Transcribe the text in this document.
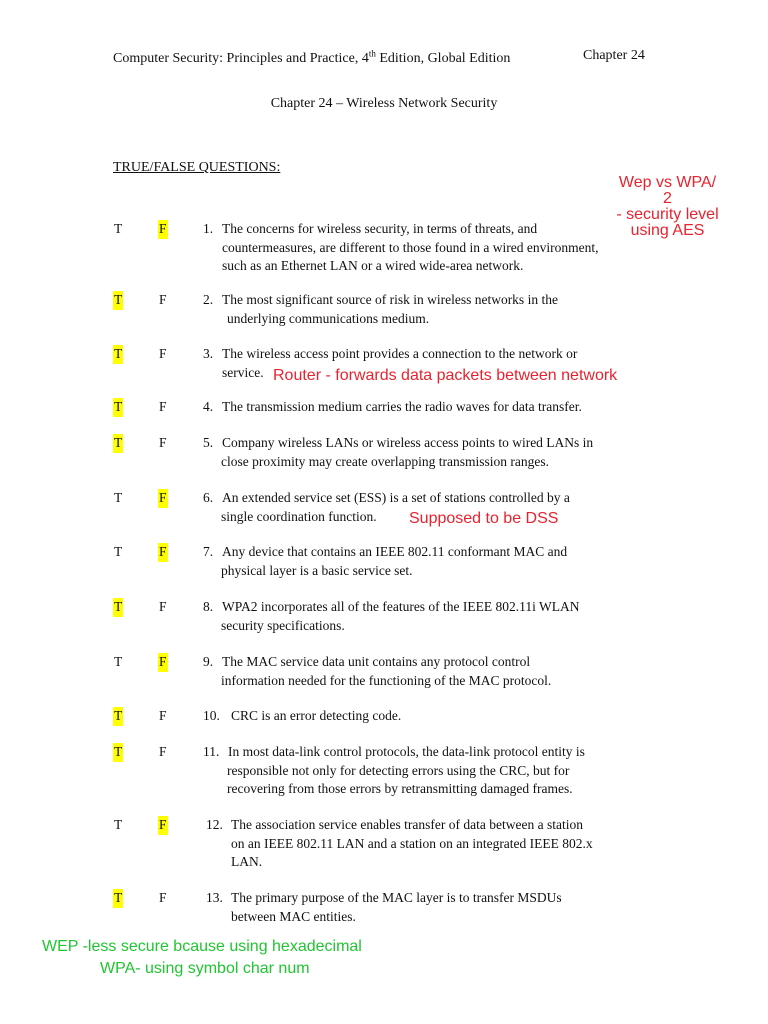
Computer Security: Principles and Practice, 4th Edition, Global Edition	Chapter 24
Chapter 24 – Wireless Network Security
TRUE/FALSE QUESTIONS:
T	F	1. The concerns for wireless security, in terms of threats, and
countermeasures, are different to those found in a wired environment,
such as an Ethernet LAN or a wired wide-area network.
T	F	2. The most significant source of risk in wireless networks in the
underlying communications medium.
T	F	3. The wireless access point provides a connection to the network or
service.
T	F	4. The transmission medium carries the radio waves for data transfer.
T	F	5. Company wireless LANs or wireless access points to wired LANs in
close proximity may create overlapping transmission ranges.
T	F	6. An extended service set (ESS) is a set of stations controlled by a
single coordination function.
T	F	7. Any device that contains an IEEE 802.11 conformant MAC and
physical layer is a basic service set.
T	F	8. WPA2 incorporates all of the features of the IEEE 802.11i WLAN
security specifications.
T	F	9. The MAC service data unit contains any protocol control
information needed for the functioning of the MAC protocol.
T	F	10. CRC is an error detecting code.
T	F	11. In most data-link control protocols, the data-link protocol entity is
responsible not only for detecting errors using the CRC, but for
recovering from those errors by retransmitting damaged frames.
T	F	12. The association service enables transfer of data between a station
on an IEEE 802.11 LAN and a station on an integrated IEEE 802.x
LAN.
T	F	13. The primary purpose of the MAC layer is to transfer MSDUs
between MAC entities.
Wep vs WPA/
2
- security level
using AES
Router - forwards data packets between network
Supposed to be DSS
WEP -less secure bcause using hexadecimal
WPA- using symbol char num
